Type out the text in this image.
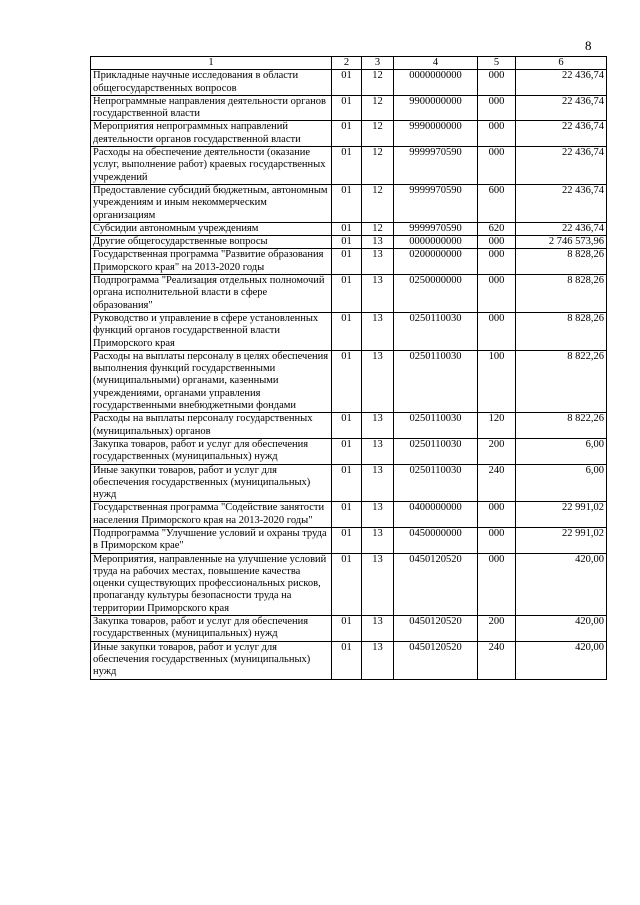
8
1	2	3	4	5	6
Прикладные научные исследования в области общегосударственных вопросов	01	12	0000000000	000	22 436,74
Непрограммные направления деятельности органов государственной власти	01	12	9900000000	000	22 436,74
Мероприятия непрограммных направлений деятельности органов государственной власти	01	12	9990000000	000	22 436,74
Расходы на обеспечение деятельности (оказание услуг, выполнение работ) краевых государственных учреждений	01	12	9999970590	000	22 436,74
Предоставление субсидий бюджетным, автономным учреждениям и иным некоммерческим организациям	01	12	9999970590	600	22 436,74
Субсидии автономным учреждениям	01	12	9999970590	620	22 436,74
Другие общегосударственные вопросы	01	13	0000000000	000	2 746 573,96
Государственная программа "Развитие образования Приморского края" на 2013-2020 годы	01	13	0200000000	000	8 828,26
Подпрограмма "Реализация отдельных полномочий органа исполнительной власти в сфере образования"	01	13	0250000000	000	8 828,26
Руководство и управление в сфере установленных функций органов государственной власти Приморского края	01	13	0250110030	000	8 828,26
Расходы на выплаты персоналу в целях обеспечения выполнения функций государственными (муниципальными) органами, казенными учреждениями, органами управления государственными внебюджетными фондами	01	13	0250110030	100	8 822,26
Расходы на выплаты персоналу государственных (муниципальных) органов	01	13	0250110030	120	8 822,26
Закупка товаров, работ и услуг для обеспечения государственных (муниципальных) нужд	01	13	0250110030	200	6,00
Иные закупки товаров, работ и услуг для обеспечения государственных (муниципальных) нужд	01	13	0250110030	240	6,00
Государственная программа "Содействие занятости населения Приморского края на 2013-2020 годы"	01	13	0400000000	000	22 991,02
Подпрограмма "Улучшение условий и охраны труда в Приморском крае"	01	13	0450000000	000	22 991,02
Мероприятия, направленные на улучшение условий труда на рабочих местах, повышение качества оценки существующих профессиональных рисков, пропаганду культуры безопасности труда на территории Приморского края	01	13	0450120520	000	420,00
Закупка товаров, работ и услуг для обеспечения государственных (муниципальных) нужд	01	13	0450120520	200	420,00
Иные закупки товаров, работ и услуг для обеспечения государственных (муниципальных) нужд	01	13	0450120520	240	420,00
